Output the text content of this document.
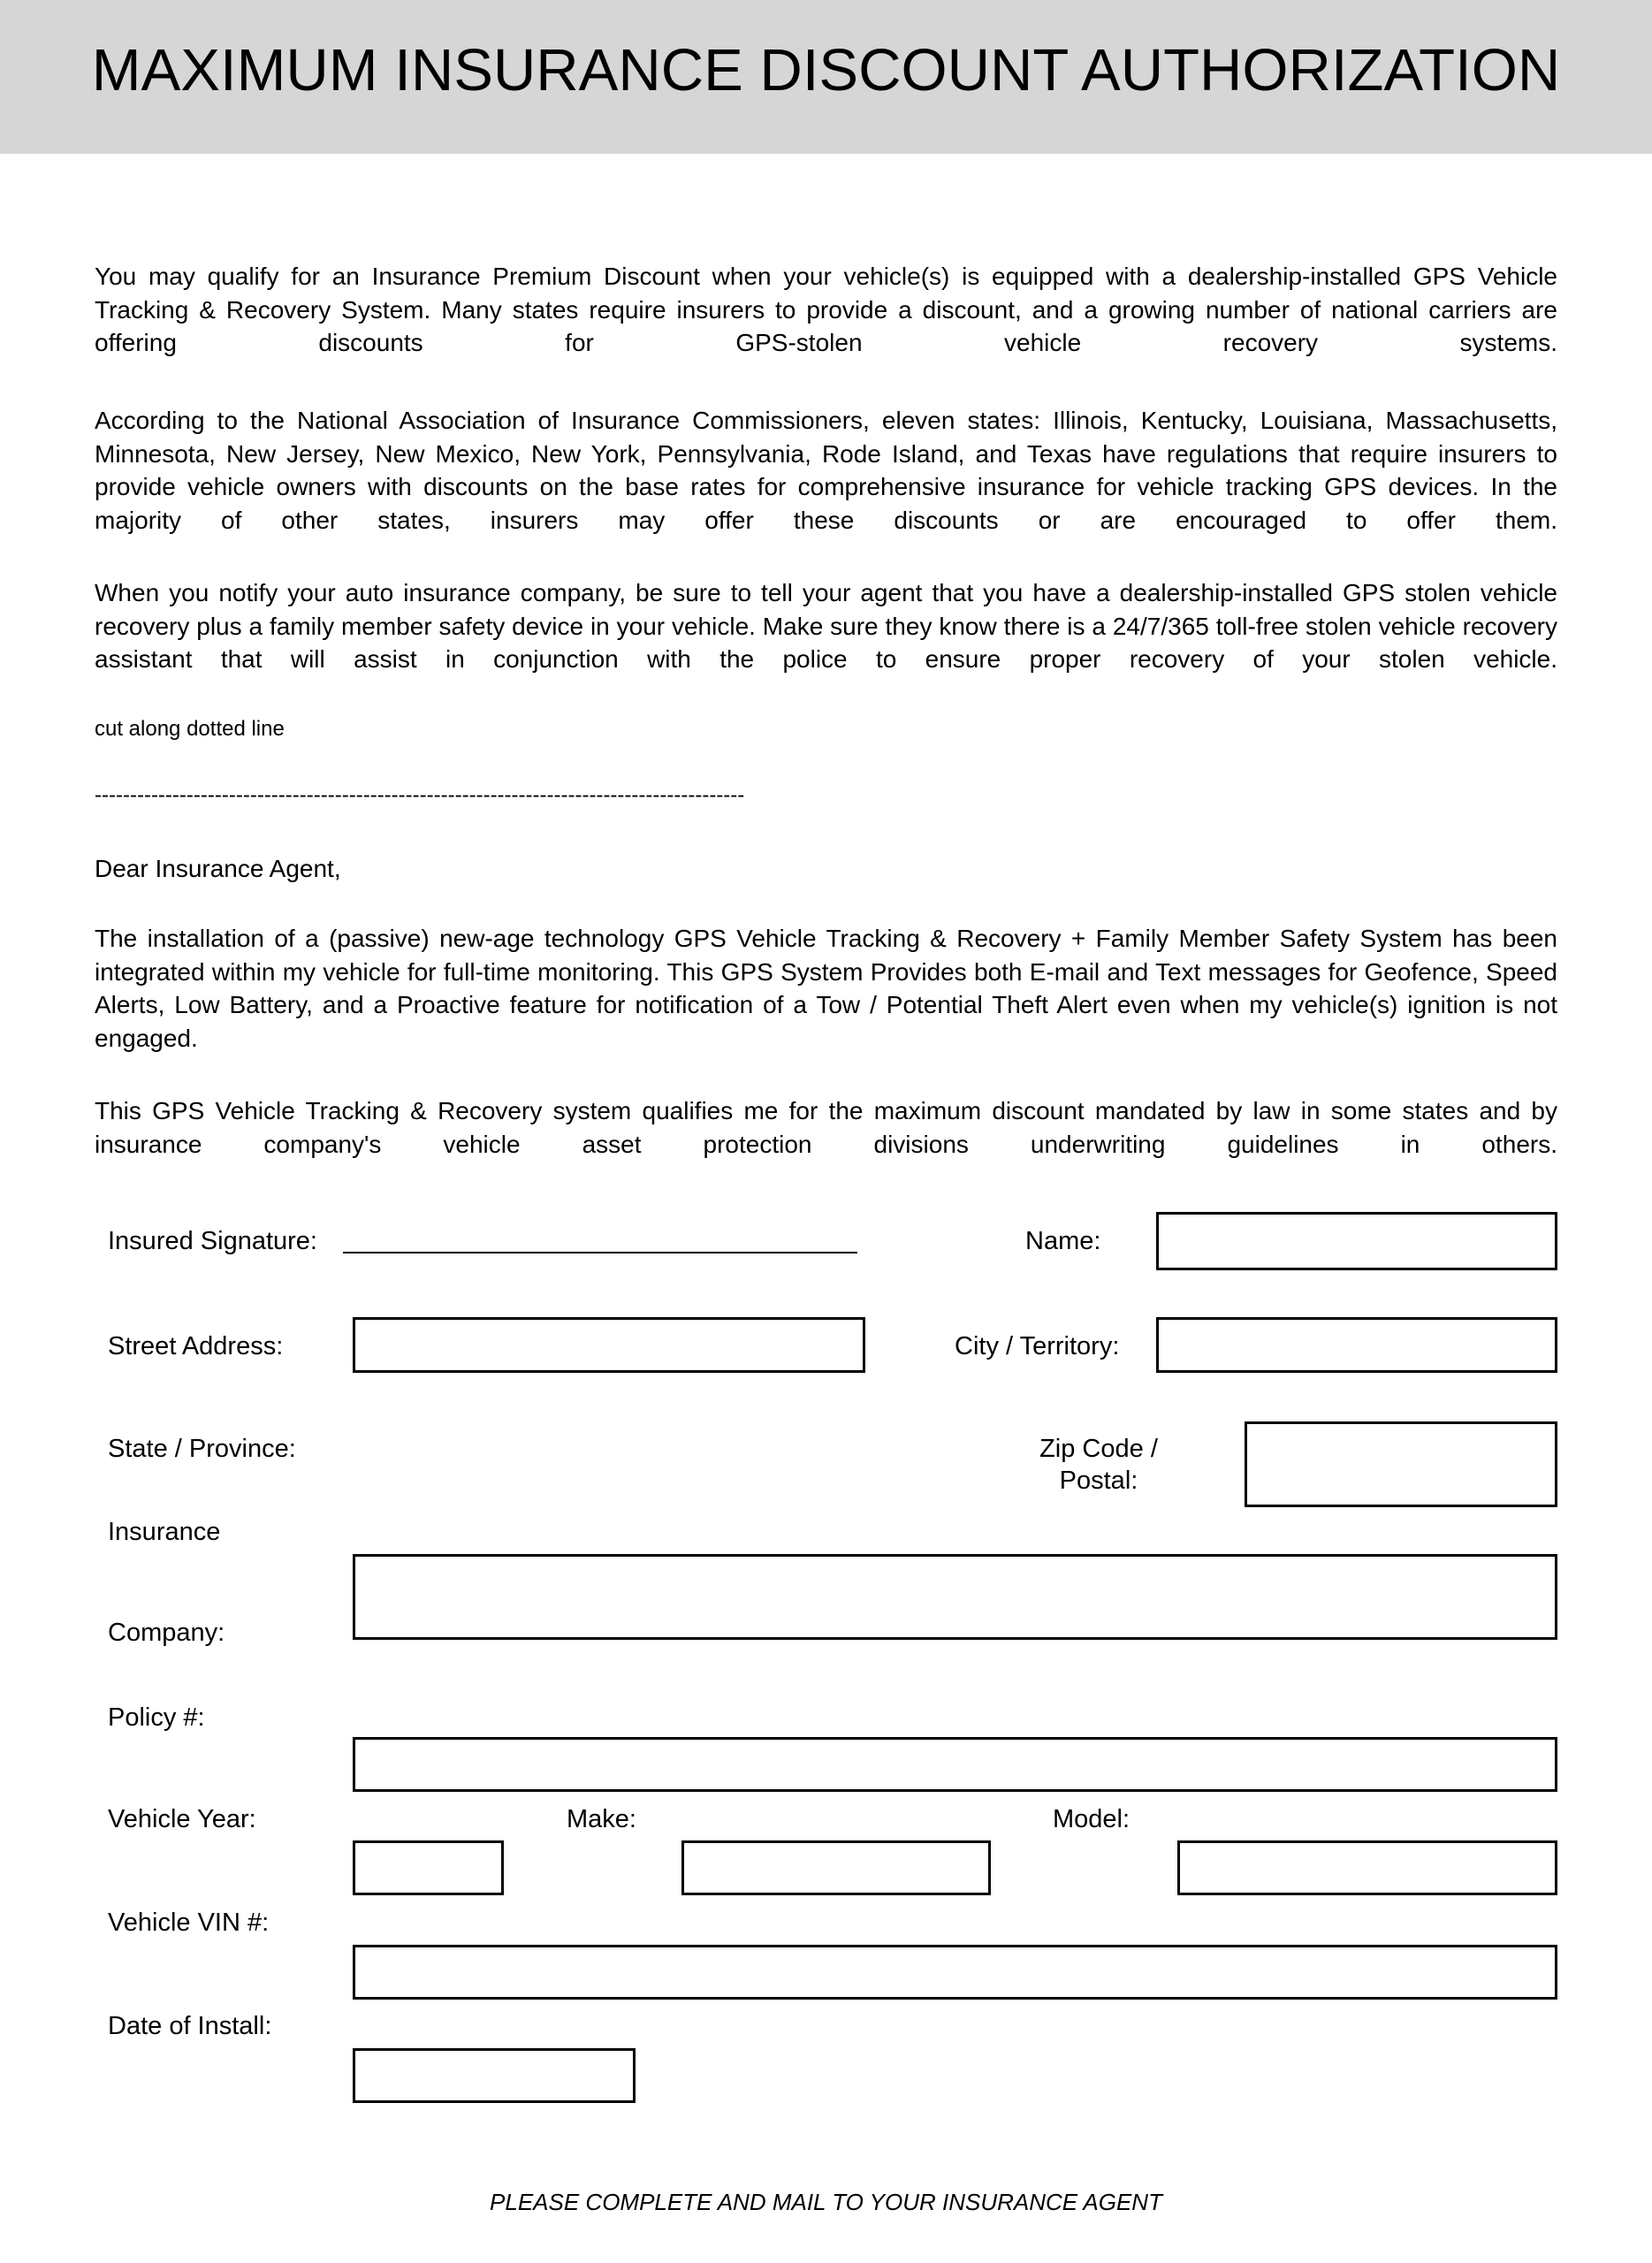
MAXIMUM INSURANCE DISCOUNT AUTHORIZATION
You may qualify for an Insurance Premium Discount when your vehicle(s) is equipped with a dealership-installed GPS Vehicle Tracking & Recovery System. Many states require insurers to provide a discount, and a growing number of national carriers are offering discounts for GPS-stolen vehicle recovery systems.
According to the National Association of Insurance Commissioners, eleven states: Illinois, Kentucky, Louisiana, Massachusetts, Minnesota, New Jersey, New Mexico, New York, Pennsylvania, Rode Island, and Texas have regulations that require insurers to provide vehicle owners with discounts on the base rates for comprehensive insurance for vehicle tracking GPS devices. In the majority of other states, insurers may offer these discounts or are encouraged to offer them.
When you notify your auto insurance company, be sure to tell your agent that you have a dealership-installed GPS stolen vehicle recovery plus a family member safety device in your vehicle. Make sure they know there is a 24/7/365 toll-free stolen vehicle recovery assistant that will assist in conjunction with the police to ensure proper recovery of your stolen vehicle.
cut along dotted line
--------------------------------------------------------------------------------------------
Dear Insurance Agent,
The installation of a (passive) new-age technology GPS Vehicle Tracking & Recovery + Family Member Safety System has been integrated within my vehicle for full-time monitoring. This GPS System Provides both E-mail and Text messages for Geofence, Speed Alerts, Low Battery, and a Proactive feature for notification of a Tow / Potential Theft Alert even when my vehicle(s) ignition is not engaged.
This GPS Vehicle Tracking & Recovery system qualifies me for the maximum discount mandated by law in some states and by insurance company's vehicle asset protection divisions underwriting guidelines in others.
Insured Signature:	Name:
Street Address:	City / Territory:
State / Province:	Zip Code / Postal:
Insurance
Company:
Policy #:
Vehicle Year:	Make:	Model:
Vehicle VIN #:
Date of Install:
PLEASE COMPLETE AND MAIL TO YOUR INSURANCE AGENT
